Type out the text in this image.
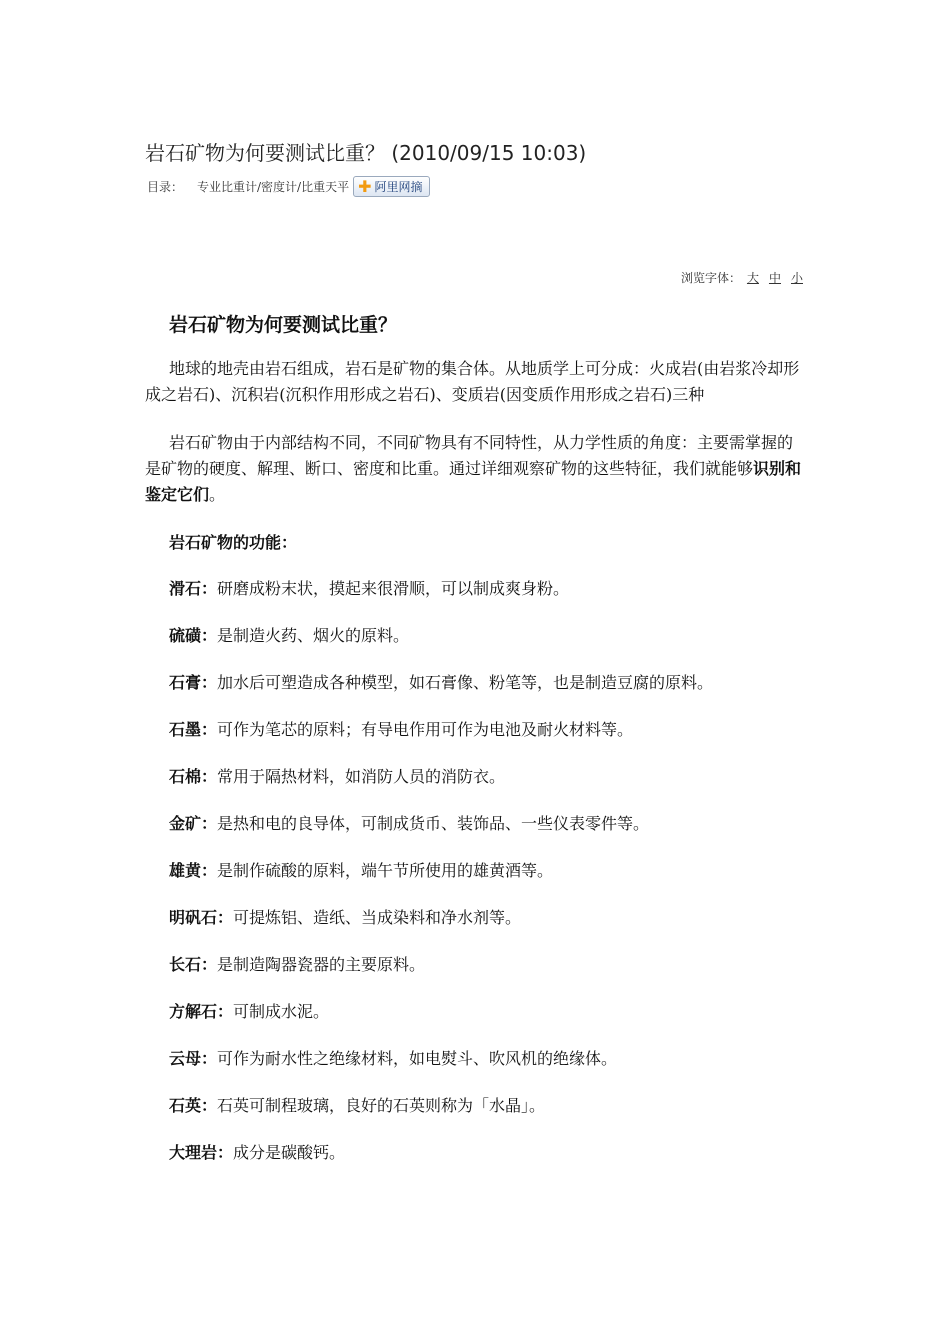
岩石矿物为何要测试比重？ (2010/09/15 10:03)
目录： 专业比重计/密度计/比重天平 ✚ 阿里网摘
浏览字体： 大 中 小
岩石矿物为何要测试比重？

地球的地壳由岩石组成，岩石是矿物的集合体。从地质学上可分成：火成岩(由岩浆冷却形成之岩石)、沉积岩(沉积作用形成之岩石)、变质岩(因变质作用形成之岩石)三种

岩石矿物由于内部结构不同，不同矿物具有不同特性，从力学性质的角度：主要需掌握的是矿物的硬度、解理、断口、密度和比重。通过详细观察矿物的这些特征，我们就能够识别和鉴定它们。

岩石矿物的功能：

滑石：研磨成粉末状，摸起来很滑顺，可以制成爽身粉。

硫磺：是制造火药、烟火的原料。

石膏：加水后可塑造成各种模型，如石膏像、粉笔等，也是制造豆腐的原料。

石墨：可作为笔芯的原料；有导电作用可作为电池及耐火材料等。

石棉：常用于隔热材料，如消防人员的消防衣。

金矿：是热和电的良导体，可制成货币、装饰品、一些仪表零件等。

雄黄：是制作硫酸的原料，端午节所使用的雄黄酒等。

明矾石：可提炼铝、造纸、当成染料和净水剂等。

长石：是制造陶器瓷器的主要原料。

方解石：可制成水泥。

云母：可作为耐水性之绝缘材料，如电熨斗、吹风机的绝缘体。

石英：石英可制程玻璃，良好的石英则称为「水晶」。

大理岩：成分是碳酸钙。
